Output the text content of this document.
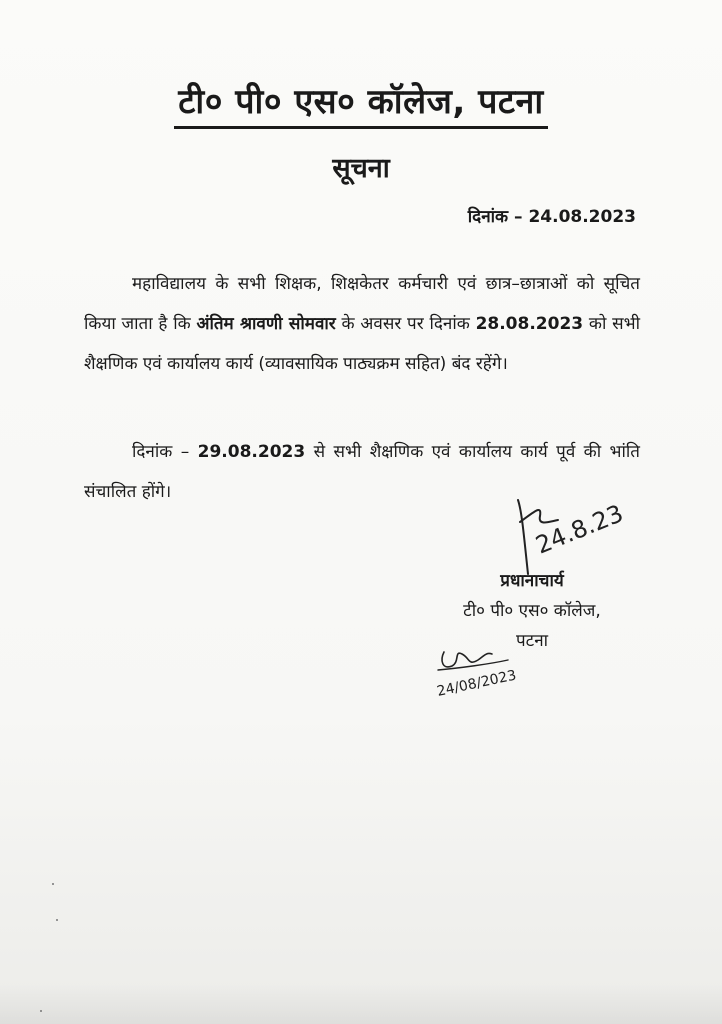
टी० पी० एस० कॉलेज, पटना
सूचना
दिनांक – 24.08.2023
महाविद्यालय के सभी शिक्षक, शिक्षकेतर कर्मचारी एवं छात्र–छात्राओं को सूचित किया जाता है कि अंतिम श्रावणी सोमवार के अवसर पर दिनांक 28.08.2023 को सभी शैक्षणिक एवं कार्यालय कार्य (व्यावसायिक पाठ्यक्रम सहित) बंद रहेंगे।
दिनांक – 29.08.2023 से सभी शैक्षणिक एवं कार्यालय कार्य पूर्व की भांति संचालित होंगे।
24.8.23
प्रधानाचार्य
टी० पी० एस० कॉलेज,
पटना
24/08/2023
